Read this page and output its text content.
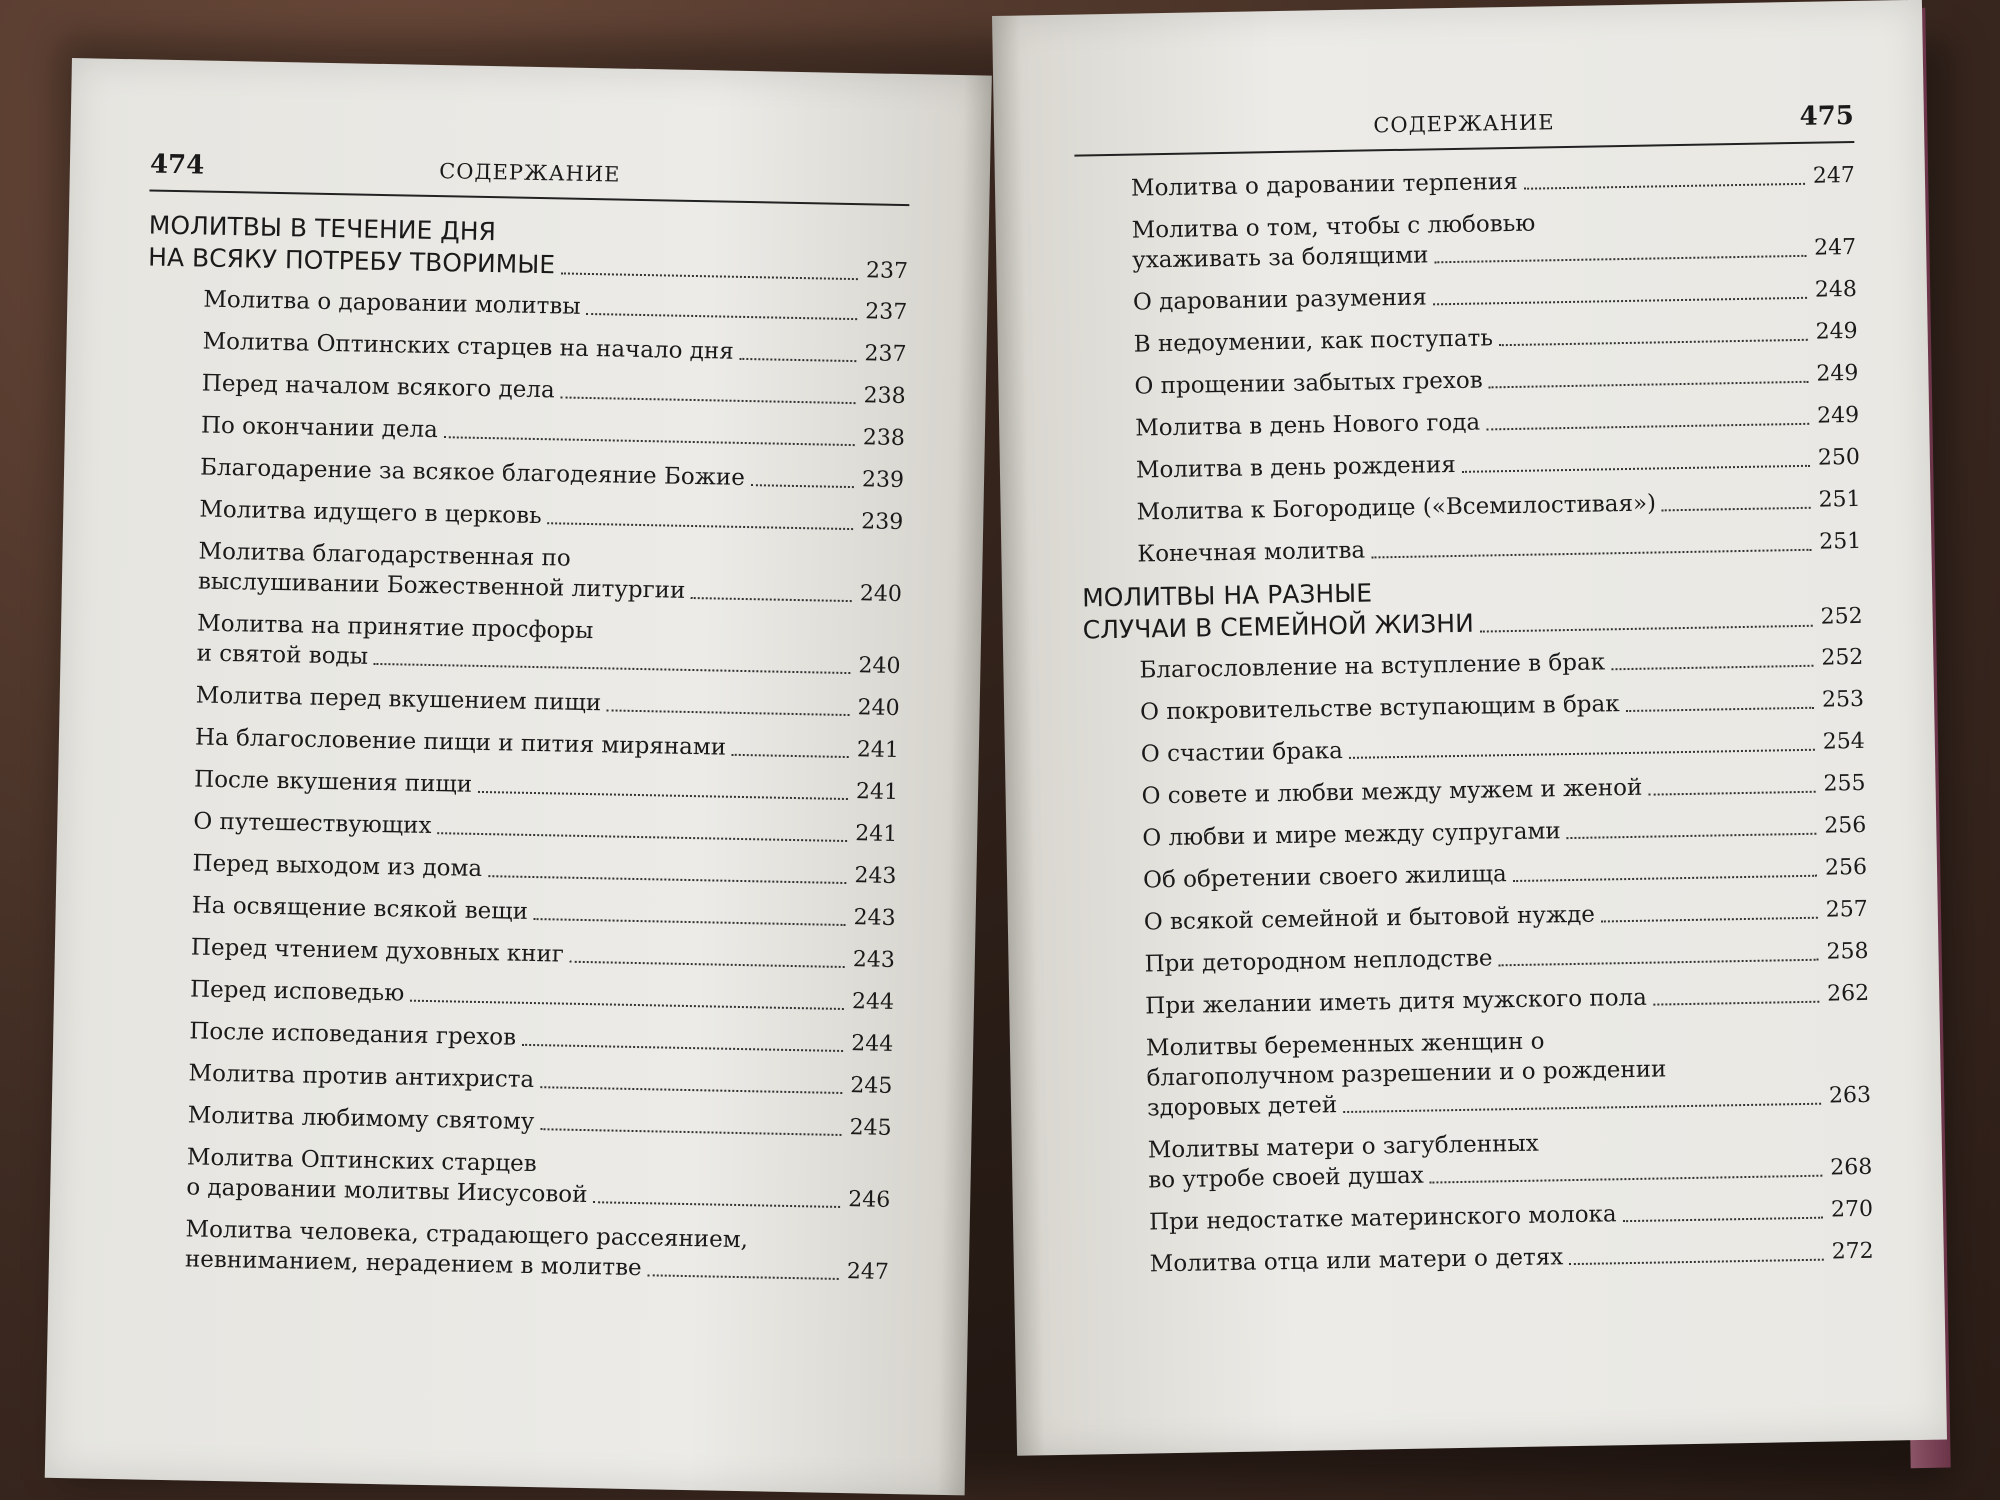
474	СОДЕРЖАНИЕ
МОЛИТВЫ В ТЕЧЕНИЕ ДНЯ
НА ВСЯКУ ПОТРЕБУ ТВОРИМЫЕ	237
Молитва о даровании молитвы	237
Молитва Оптинских старцев на начало дня	237
Перед началом всякого дела	238
По окончании дела	238
Благодарение за всякое благодеяние Божие	239
Молитва идущего в церковь	239
Молитва благодарственная по
выслушивании Божественной литургии	240
Молитва на принятие просфоры
и святой воды	240
Молитва перед вкушением пищи	240
На благословение пищи и пития мирянами	241
После вкушения пищи	241
О путешествующих	241
Перед выходом из дома	243
На освящение всякой вещи	243
Перед чтением духовных книг	243
Перед исповедью	244
После исповедания грехов	244
Молитва против антихриста	245
Молитва любимому святому	245
Молитва Оптинских старцев
о даровании молитвы Иисусовой	246
Молитва человека, страдающего рассеянием,
невниманием, нерадением в молитве	247
СОДЕРЖАНИЕ	475
Молитва о даровании терпения	247
Молитва о том, чтобы с любовью
ухаживать за болящими	247
О даровании разумения	248
В недоумении, как поступать	249
О прощении забытых грехов	249
Молитва в день Нового года	249
Молитва в день рождения	250
Молитва к Богородице («Всемилостивая»)	251
Конечная молитва	251
МОЛИТВЫ НА РАЗНЫЕ
СЛУЧАИ В СЕМЕЙНОЙ ЖИЗНИ	252
Благословление на вступление в брак	252
О покровительстве вступающим в брак	253
О счастии брака	254
О совете и любви между мужем и женой	255
О любви и мире между супругами	256
Об обретении своего жилища	256
О всякой семейной и бытовой нужде	257
При детородном неплодстве	258
При желании иметь дитя мужского пола	262
Молитвы беременных женщин о
благополучном разрешении и о рождении
здоровых детей	263
Молитвы матери о загубленных
во утробе своей душах	268
При недостатке материнского молока	270
Молитва отца или матери о детях	272
